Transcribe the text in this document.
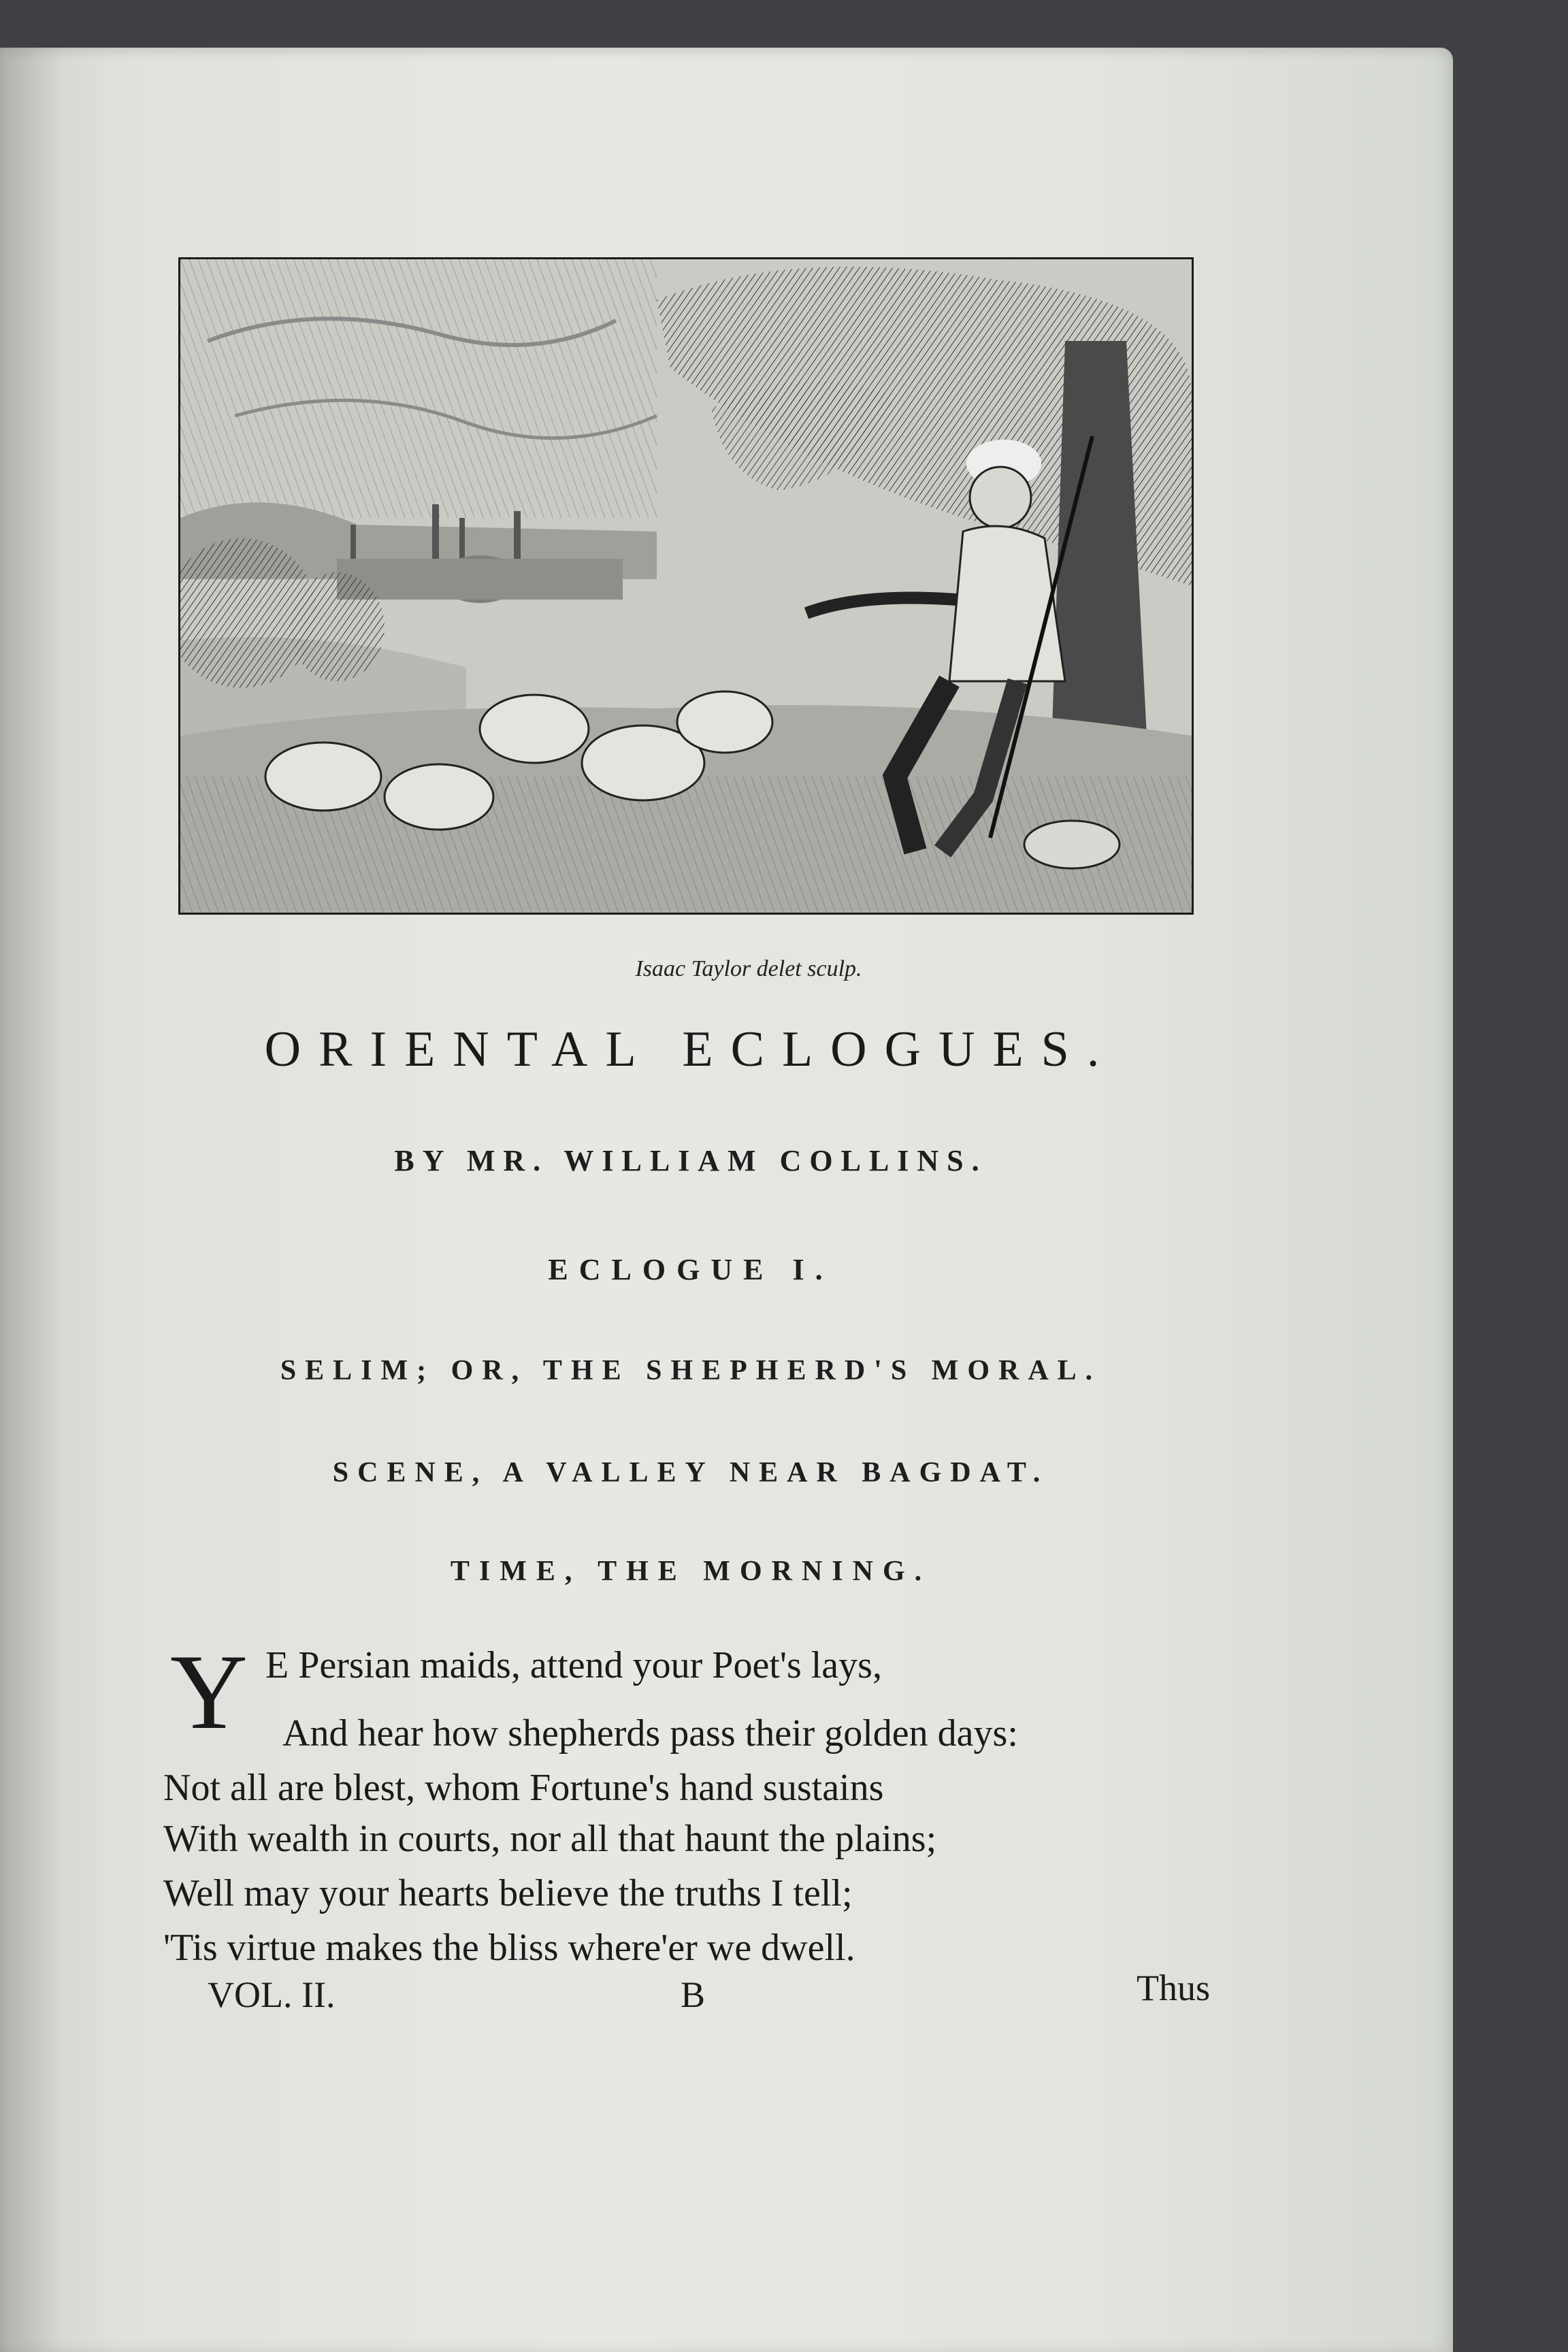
Isaac Taylor delet sculp.
ORIENTAL ECLOGUES.
BY MR. WILLIAM COLLINS.
ECLOGUE I.
SELIM; OR, THE SHEPHERD'S MORAL.
SCENE, A VALLEY NEAR BAGDAT.
TIME, THE MORNING.
Y E Persian maids, attend your Poet's lays,
And hear how shepherds pass their golden days:
Not all are blest, whom Fortune's hand sustains
With wealth in courts, nor all that haunt the plains;
Well may your hearts believe the truths I tell;
'Tis virtue makes the bliss where'er we dwell.
VOL. II.	B	Thus
